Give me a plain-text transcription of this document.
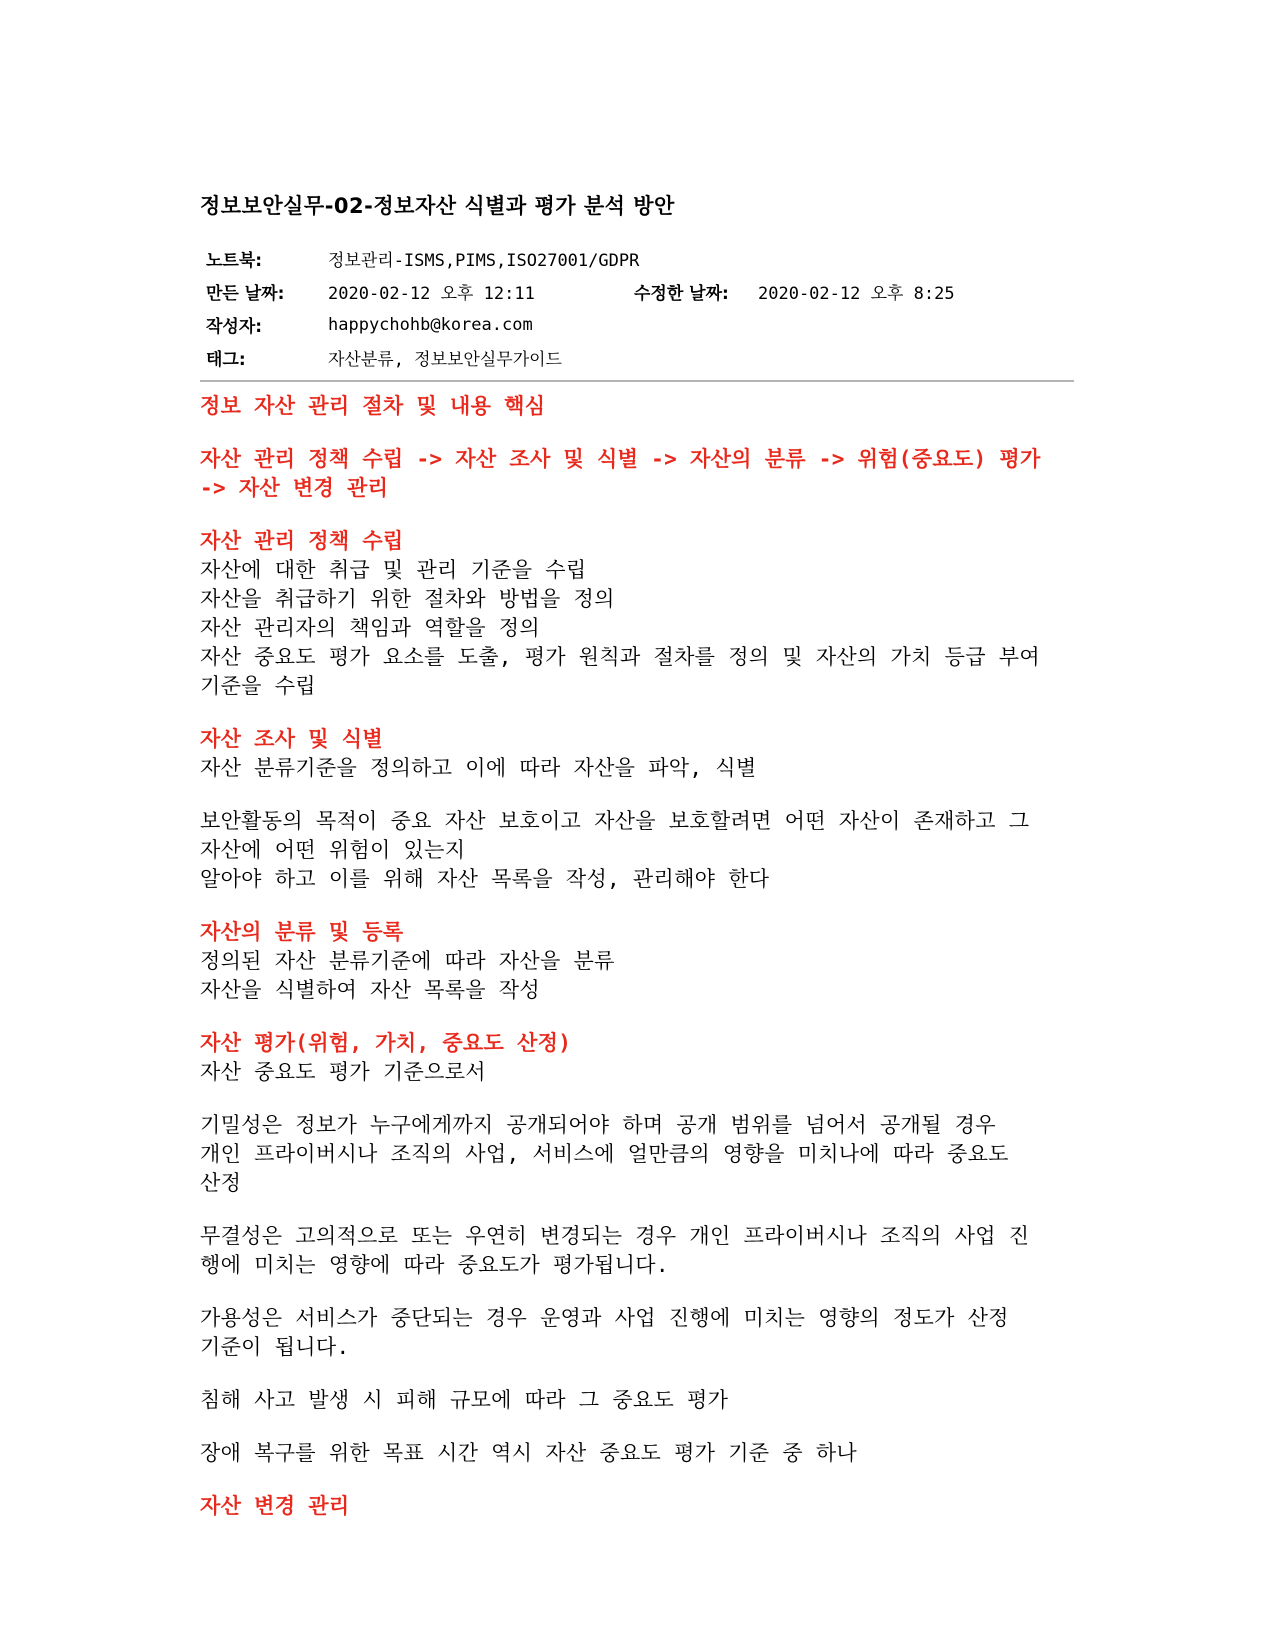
정보보안실무-02-정보자산 식별과 평가 분석 방안
노트북:	정보관리-ISMS,PIMS,ISO27001/GDPR		
만든 날짜:	2020-02-12 오후 12:11	수정한 날짜:	2020-02-12 오후 8:25
작성자:	happychohb@korea.com		
태그:	자산분류, 정보보안실무가이드		

정보 자산 관리 절차 및 내용 핵심

자산 관리 정책 수립 -> 자산 조사 및 식별 -> 자산의 분류 -> 위험(중요도) 평가

-> 자산 변경 관리

자산 관리 정책 수립

자산에 대한 취급 및 관리 기준을 수립

자산을 취급하기 위한 절차와 방법을 정의

자산 관리자의 책임과 역할을 정의

자산 중요도 평가 요소를 도출, 평가 원칙과 절차를 정의 및 자산의 가치 등급 부여

기준을 수립

자산 조사 및 식별

자산 분류기준을 정의하고 이에 따라 자산을 파악, 식별

보안활동의 목적이 중요 자산 보호이고 자산을 보호할려면 어떤 자산이 존재하고 그

자산에 어떤 위험이 있는지

알아야 하고 이를 위해 자산 목록을 작성, 관리해야 한다

자산의 분류 및 등록

정의된 자산 분류기준에 따라 자산을 분류

자산을 식별하여 자산 목록을 작성

자산 평가(위험, 가치, 중요도 산정)

자산 중요도 평가 기준으로서

기밀성은 정보가 누구에게까지 공개되어야 하며 공개 범위를 넘어서 공개될 경우

개인 프라이버시나 조직의 사업, 서비스에 얼만큼의 영향을 미치나에 따라 중요도

산정

무결성은 고의적으로 또는 우연히 변경되는 경우 개인 프라이버시나 조직의 사업 진

행에 미치는 영향에 따라 중요도가 평가됩니다.

가용성은 서비스가 중단되는 경우 운영과 사업 진행에 미치는 영향의 정도가 산정

기준이 됩니다.

침해 사고 발생 시 피해 규모에 따라 그 중요도 평가

장애 복구를 위한 목표 시간 역시 자산 중요도 평가 기준 중 하나

자산 변경 관리
